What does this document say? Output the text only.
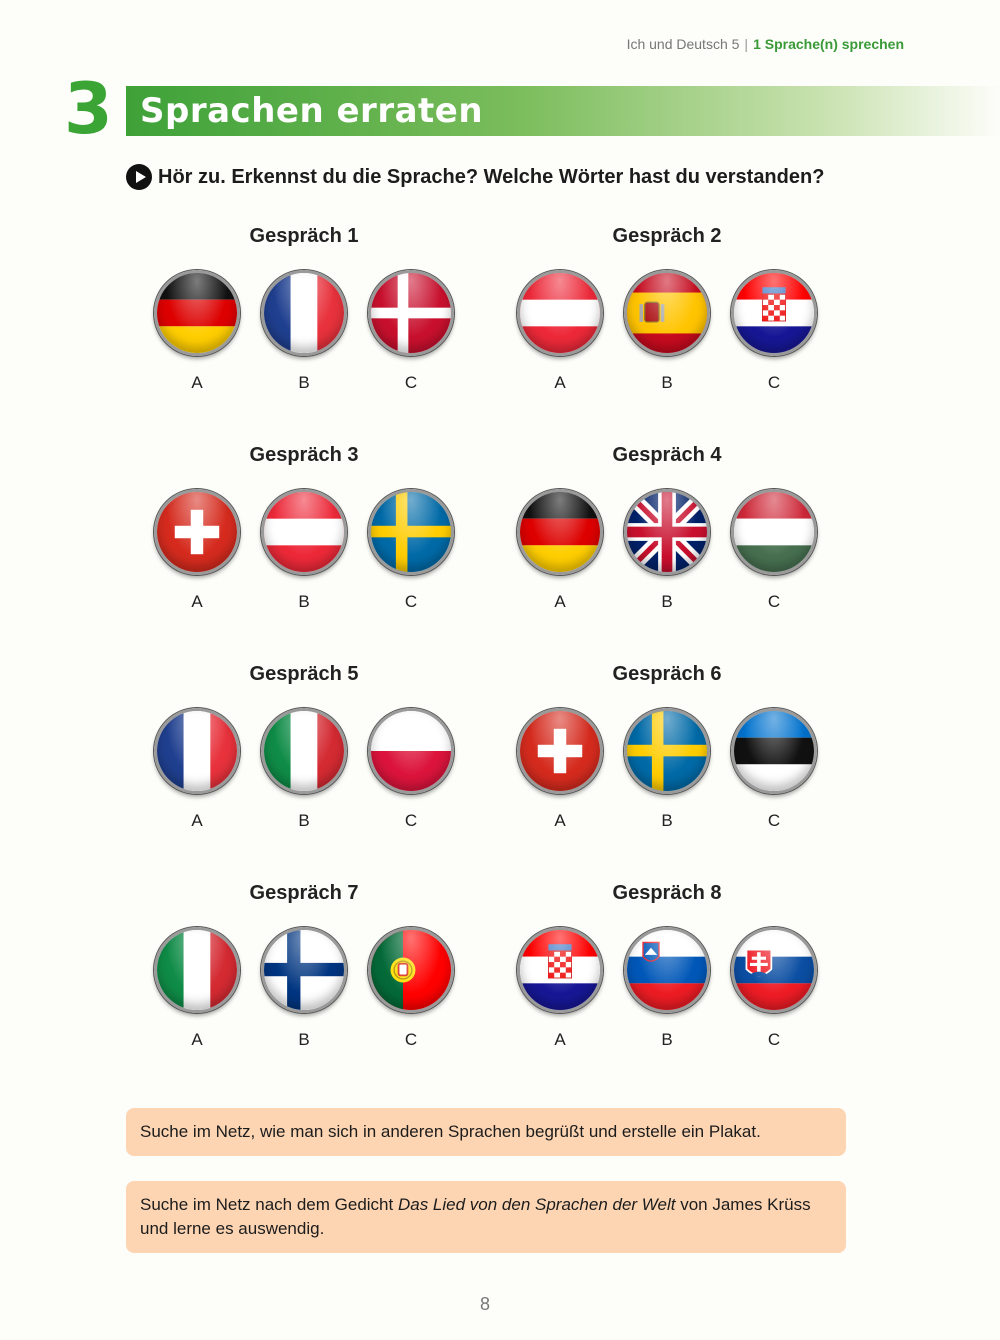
Ich und Deutsch 5 | 1 Sprache(n) sprechen
3 Sprachen erraten
Hör zu. Erkennst du die Sprache? Welche Wörter hast du verstanden?
Gespräch 1
A	B	C
Gespräch 2
A	B	C
Gespräch 3
A	B	C
Gespräch 4
A	B	C
Gespräch 5
A	B	C
Gespräch 6
A	B	C
Gespräch 7
A	B	C
Gespräch 8
A	B	C
Suche im Netz, wie man sich in anderen Sprachen begrüßt und erstelle ein Plakat.
Suche im Netz nach dem Gedicht Das Lied von den Sprachen der Welt von James Krüss und lerne es auswendig.
8
